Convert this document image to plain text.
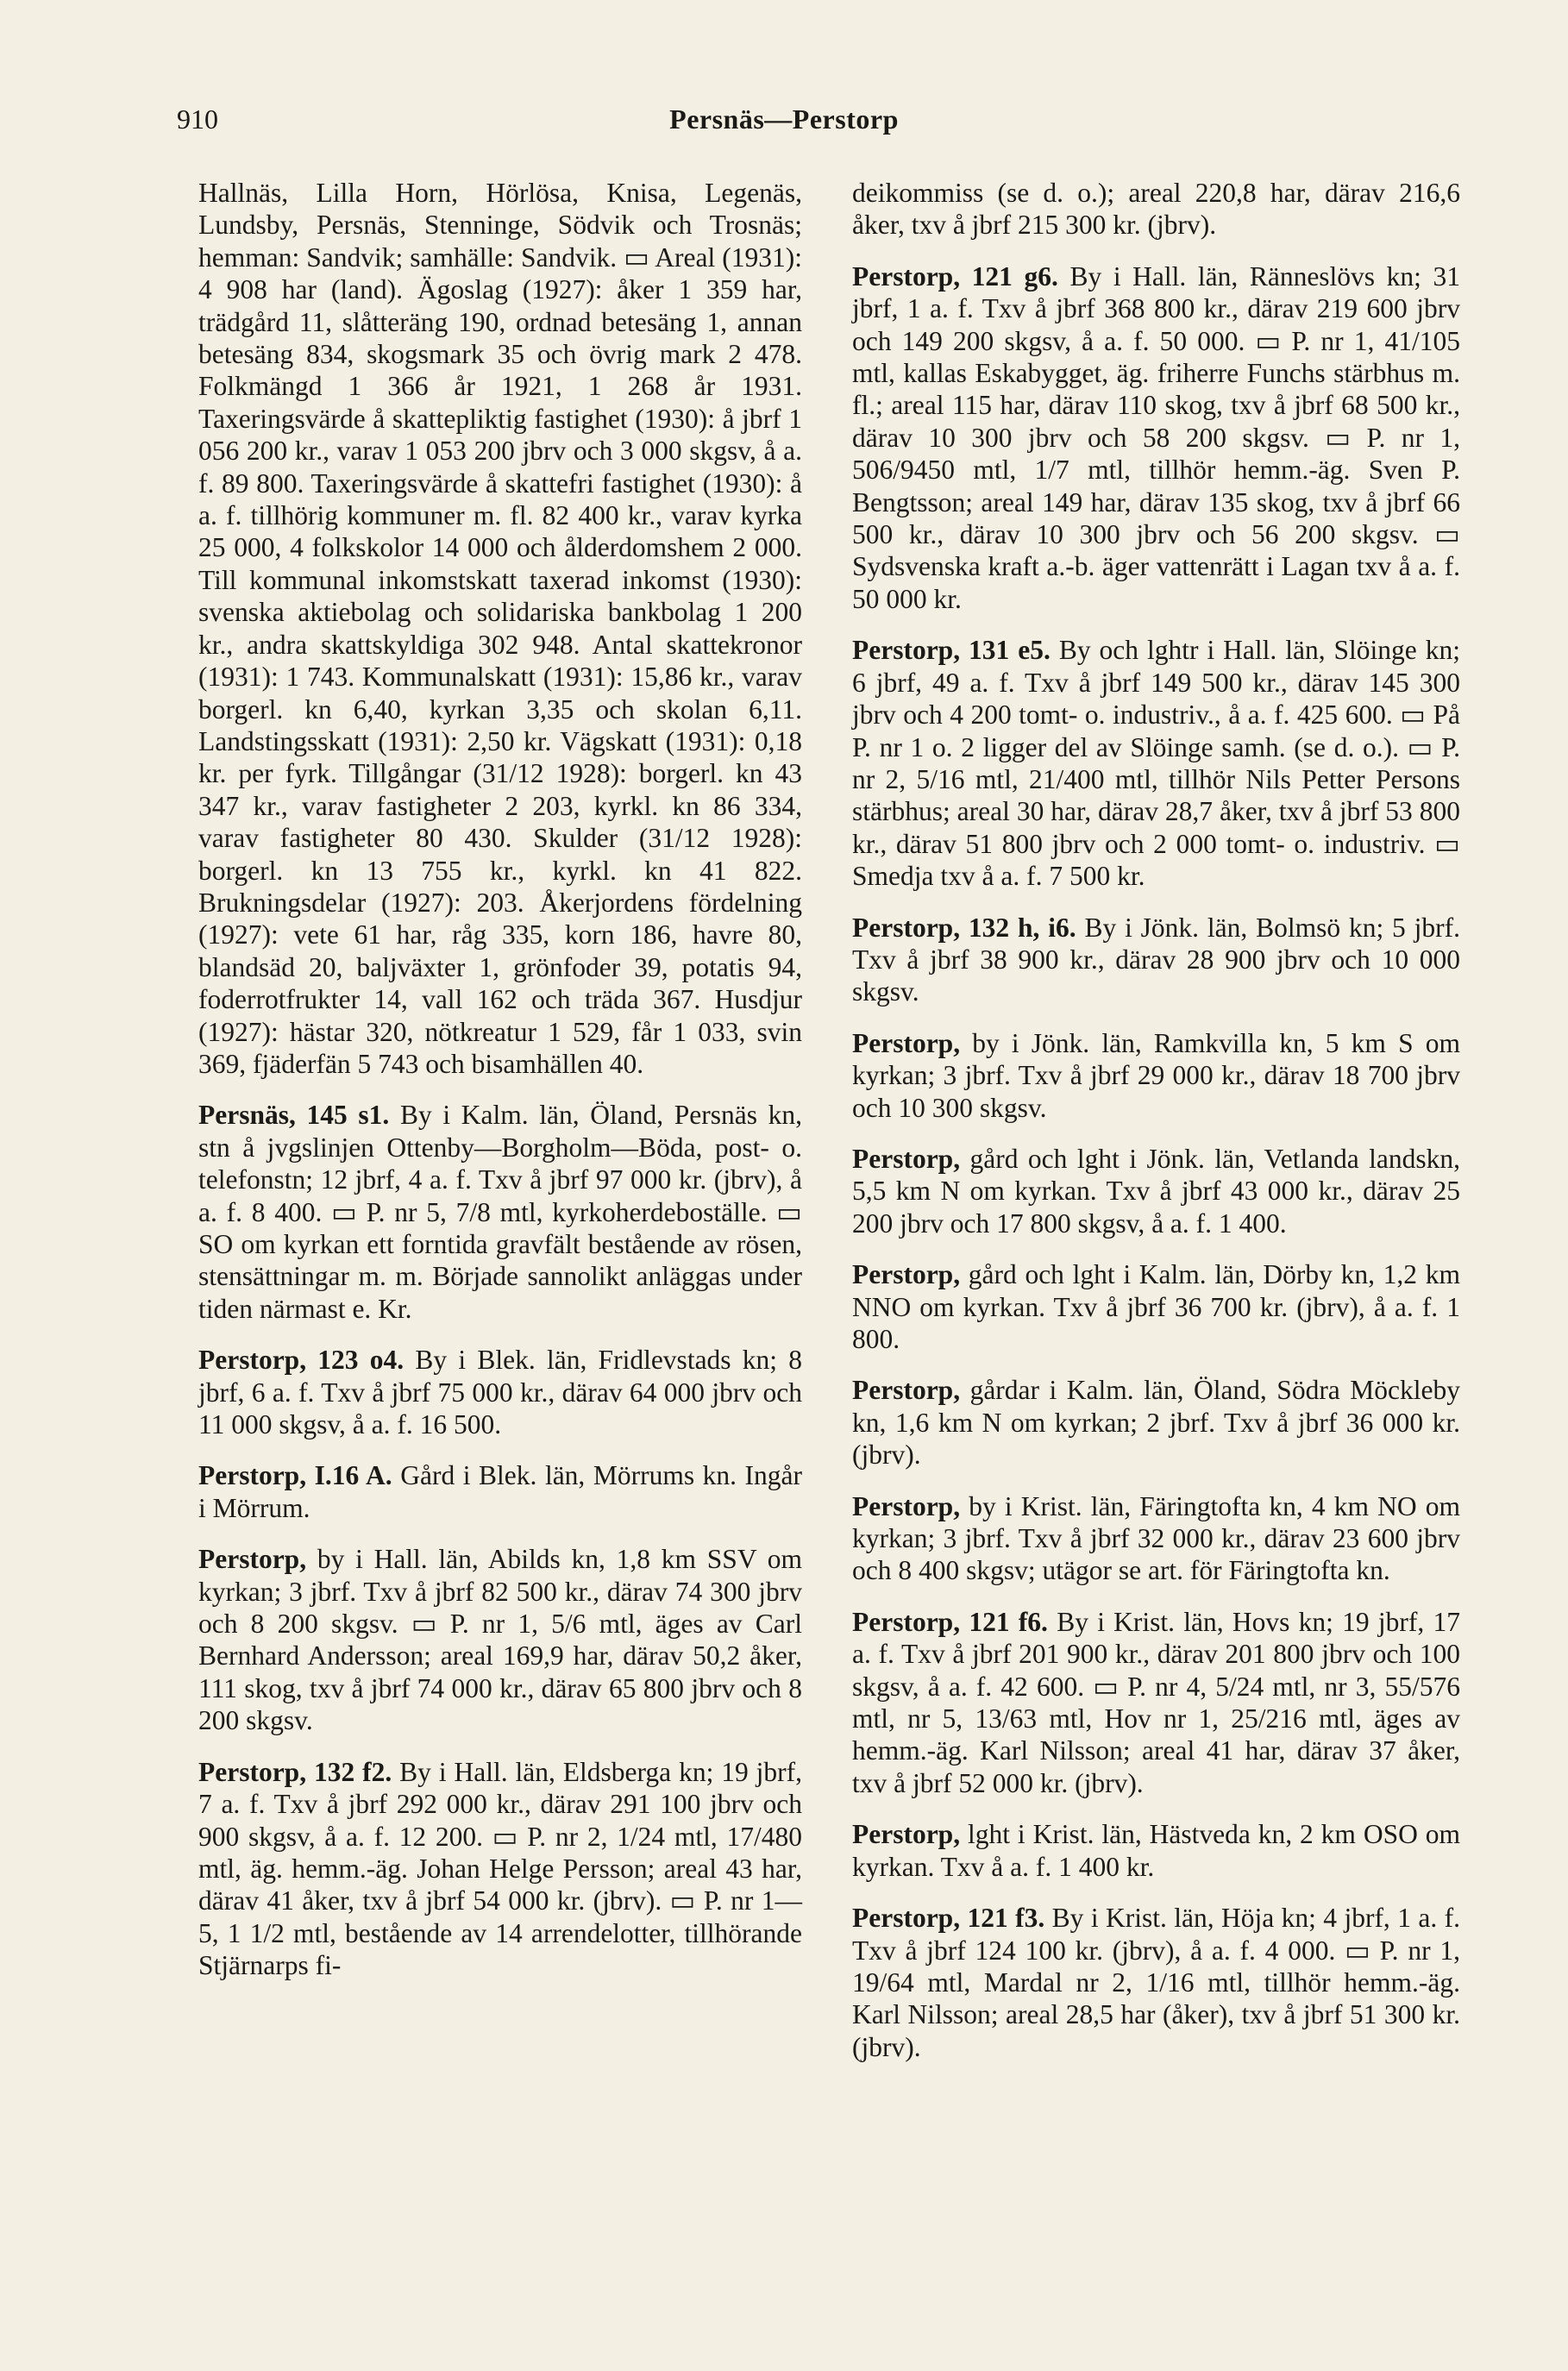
910	Persnäs—Perstorp

Hallnäs, Lilla Horn, Hörlösa, Knisa, Legenäs, Lundsby, Persnäs, Stenninge, Södvik och Trosnäs; hemman: Sandvik; samhälle: Sandvik. ▭ Areal (1931): 4 908 har (land). Ägoslag (1927): åker 1 359 har, trädgård 11, slåtteräng 190, ordnad betesäng 1, annan betesäng 834, skogsmark 35 och övrig mark 2 478. Folkmängd 1 366 år 1921, 1 268 år 1931. Taxeringsvärde å skattepliktig fastighet (1930): å jbrf 1 056 200 kr., varav 1 053 200 jbrv och 3 000 skgsv, å a. f. 89 800. Taxeringsvärde å skattefri fastighet (1930): å a. f. tillhörig kommuner m. fl. 82 400 kr., varav kyrka 25 000, 4 folkskolor 14 000 och ålderdomshem 2 000. Till kommunal inkomstskatt taxerad inkomst (1930): svenska aktiebolag och solidariska bankbolag 1 200 kr., andra skattskyldiga 302 948. Antal skattekronor (1931): 1 743. Kommunalskatt (1931): 15,86 kr., varav borgerl. kn 6,40, kyrkan 3,35 och skolan 6,11. Landstingsskatt (1931): 2,50 kr. Vägskatt (1931): 0,18 kr. per fyrk. Tillgångar (31/12 1928): borgerl. kn 43 347 kr., varav fastigheter 2 203, kyrkl. kn 86 334, varav fastigheter 80 430. Skulder (31/12 1928): borgerl. kn 13 755 kr., kyrkl. kn 41 822. Brukningsdelar (1927): 203. Åkerjordens fördelning (1927): vete 61 har, råg 335, korn 186, havre 80, blandsäd 20, baljväxter 1, grönfoder 39, potatis 94, foderrotfrukter 14, vall 162 och träda 367. Husdjur (1927): hästar 320, nötkreatur 1 529, får 1 033, svin 369, fjäderfän 5 743 och bisamhällen 40.

Persnäs, 145 s1. By i Kalm. län, Öland, Persnäs kn, stn å jvgslinjen Ottenby—Borgholm—Böda, post- o. telefonstn; 12 jbrf, 4 a. f. Txv å jbrf 97 000 kr. (jbrv), å a. f. 8 400. ▭ P. nr 5, 7/8 mtl, kyrkoherdeboställe. ▭ SO om kyrkan ett forntida gravfält bestående av rösen, stensättningar m. m. Började sannolikt anläggas under tiden närmast e. Kr.

Perstorp, 123 o4. By i Blek. län, Fridlevstads kn; 8 jbrf, 6 a. f. Txv å jbrf 75 000 kr., därav 64 000 jbrv och 11 000 skgsv, å a. f. 16 500.

Perstorp, I.16 A. Gård i Blek. län, Mörrums kn. Ingår i Mörrum.

Perstorp, by i Hall. län, Abilds kn, 1,8 km SSV om kyrkan; 3 jbrf. Txv å jbrf 82 500 kr., därav 74 300 jbrv och 8 200 skgsv. ▭ P. nr 1, 5/6 mtl, äges av Carl Bernhard Andersson; areal 169,9 har, därav 50,2 åker, 111 skog, txv å jbrf 74 000 kr., därav 65 800 jbrv och 8 200 skgsv.

Perstorp, 132 f2. By i Hall. län, Eldsberga kn; 19 jbrf, 7 a. f. Txv å jbrf 292 000 kr., därav 291 100 jbrv och 900 skgsv, å a. f. 12 200. ▭ P. nr 2, 1/24 mtl, 17/480 mtl, äg. hemm.-äg. Johan Helge Persson; areal 43 har, därav 41 åker, txv å jbrf 54 000 kr. (jbrv). ▭ P. nr 1—5, 1 1/2 mtl, bestående av 14 arrendelotter, tillhörande Stjärnarps fi-

deikommiss (se d. o.); areal 220,8 har, därav 216,6 åker, txv å jbrf 215 300 kr. (jbrv).

Perstorp, 121 g6. By i Hall. län, Ränneslövs kn; 31 jbrf, 1 a. f. Txv å jbrf 368 800 kr., därav 219 600 jbrv och 149 200 skgsv, å a. f. 50 000. ▭ P. nr 1, 41/105 mtl, kallas Eskabygget, äg. friherre Funchs stärbhus m. fl.; areal 115 har, därav 110 skog, txv å jbrf 68 500 kr., därav 10 300 jbrv och 58 200 skgsv. ▭ P. nr 1, 506/9450 mtl, 1/7 mtl, tillhör hemm.-äg. Sven P. Bengtsson; areal 149 har, därav 135 skog, txv å jbrf 66 500 kr., därav 10 300 jbrv och 56 200 skgsv. ▭ Sydsvenska kraft a.-b. äger vattenrätt i Lagan txv å a. f. 50 000 kr.

Perstorp, 131 e5. By och lghtr i Hall. län, Slöinge kn; 6 jbrf, 49 a. f. Txv å jbrf 149 500 kr., därav 145 300 jbrv och 4 200 tomt- o. industriv., å a. f. 425 600. ▭ På P. nr 1 o. 2 ligger del av Slöinge samh. (se d. o.). ▭ P. nr 2, 5/16 mtl, 21/400 mtl, tillhör Nils Petter Persons stärbhus; areal 30 har, därav 28,7 åker, txv å jbrf 53 800 kr., därav 51 800 jbrv och 2 000 tomt- o. industriv. ▭ Smedja txv å a. f. 7 500 kr.

Perstorp, 132 h, i6. By i Jönk. län, Bolmsö kn; 5 jbrf. Txv å jbrf 38 900 kr., därav 28 900 jbrv och 10 000 skgsv.

Perstorp, by i Jönk. län, Ramkvilla kn, 5 km S om kyrkan; 3 jbrf. Txv å jbrf 29 000 kr., därav 18 700 jbrv och 10 300 skgsv.

Perstorp, gård och lght i Jönk. län, Vetlanda landskn, 5,5 km N om kyrkan. Txv å jbrf 43 000 kr., därav 25 200 jbrv och 17 800 skgsv, å a. f. 1 400.

Perstorp, gård och lght i Kalm. län, Dörby kn, 1,2 km NNO om kyrkan. Txv å jbrf 36 700 kr. (jbrv), å a. f. 1 800.

Perstorp, gårdar i Kalm. län, Öland, Södra Möckleby kn, 1,6 km N om kyrkan; 2 jbrf. Txv å jbrf 36 000 kr. (jbrv).

Perstorp, by i Krist. län, Färingtofta kn, 4 km NO om kyrkan; 3 jbrf. Txv å jbrf 32 000 kr., därav 23 600 jbrv och 8 400 skgsv; utägor se art. för Färingtofta kn.

Perstorp, 121 f6. By i Krist. län, Hovs kn; 19 jbrf, 17 a. f. Txv å jbrf 201 900 kr., därav 201 800 jbrv och 100 skgsv, å a. f. 42 600. ▭ P. nr 4, 5/24 mtl, nr 3, 55/576 mtl, nr 5, 13/63 mtl, Hov nr 1, 25/216 mtl, äges av hemm.-äg. Karl Nilsson; areal 41 har, därav 37 åker, txv å jbrf 52 000 kr. (jbrv).

Perstorp, lght i Krist. län, Hästveda kn, 2 km OSO om kyrkan. Txv å a. f. 1 400 kr.

Perstorp, 121 f3. By i Krist. län, Höja kn; 4 jbrf, 1 a. f. Txv å jbrf 124 100 kr. (jbrv), å a. f. 4 000. ▭ P. nr 1, 19/64 mtl, Mardal nr 2, 1/16 mtl, tillhör hemm.-äg. Karl Nilsson; areal 28,5 har (åker), txv å jbrf 51 300 kr. (jbrv).
